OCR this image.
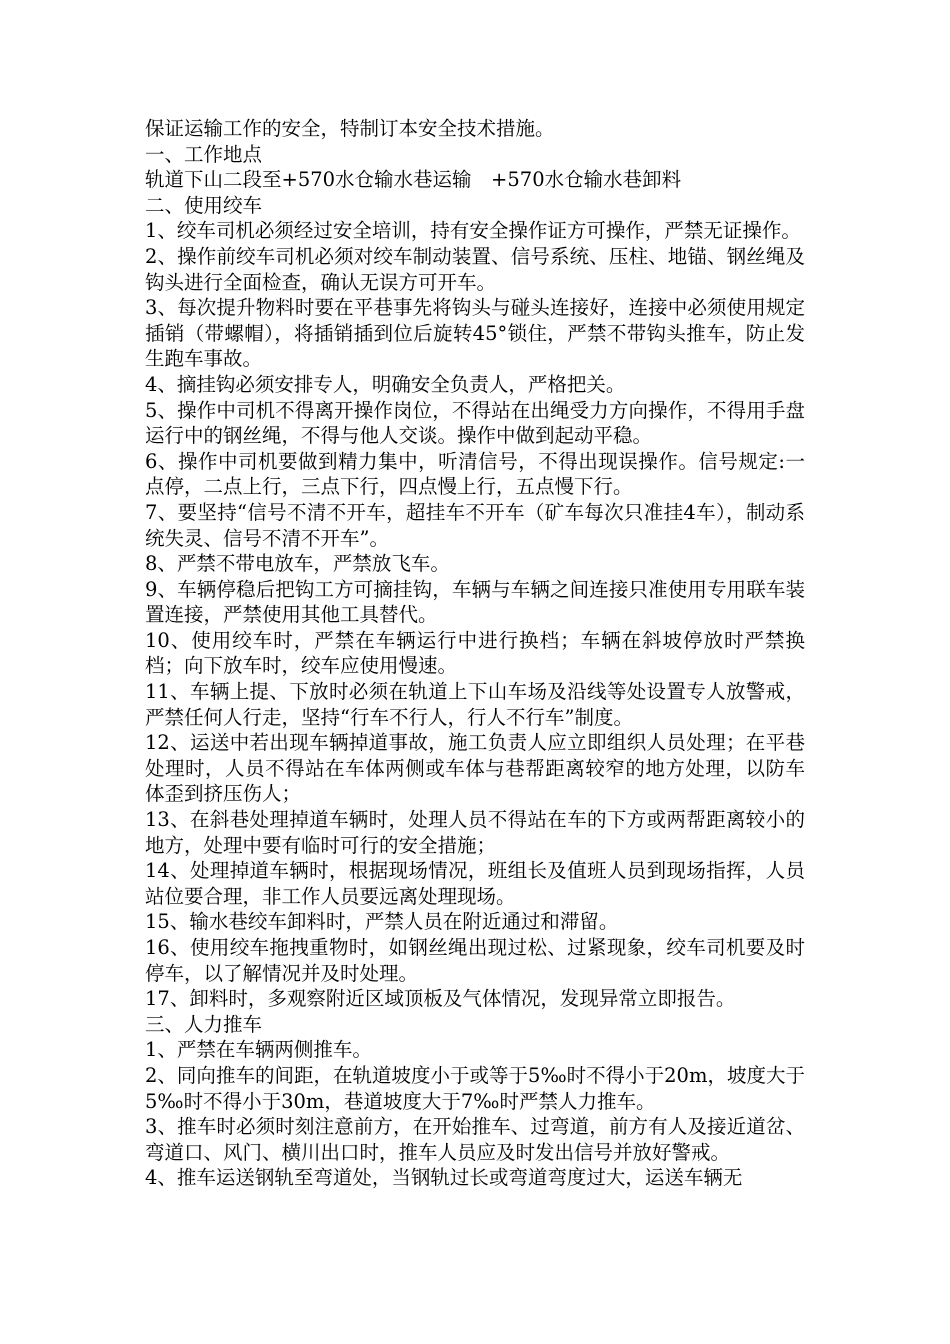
保证运输工作的安全，特制订本安全技术措施。

一、工作地点

轨道下山二段至+570水仓输水巷运输　+570水仓输水巷卸料

二、使用绞车

1、绞车司机必须经过安全培训，持有安全操作证方可操作，严禁无证操作。

2、操作前绞车司机必须对绞车制动装置、信号系统、压柱、地锚、钢丝绳及钩头进行全面检查，确认无误方可开车。

3、每次提升物料时要在平巷事先将钩头与碰头连接好，连接中必须使用规定插销（带螺帽），将插销插到位后旋转45°锁住，严禁不带钩头推车，防止发生跑车事故。

4、摘挂钩必须安排专人，明确安全负责人，严格把关。

5、操作中司机不得离开操作岗位，不得站在出绳受力方向操作，不得用手盘运行中的钢丝绳，不得与他人交谈。操作中做到起动平稳。

6、操作中司机要做到精力集中，听清信号，不得出现误操作。信号规定:一点停，二点上行，三点下行，四点慢上行，五点慢下行。

7、要坚持“信号不清不开车，超挂车不开车（矿车每次只准挂4车），制动系统失灵、信号不清不开车”。

8、严禁不带电放车，严禁放飞车。

9、车辆停稳后把钩工方可摘挂钩，车辆与车辆之间连接只准使用专用联车装置连接，严禁使用其他工具替代。

10、使用绞车时，严禁在车辆运行中进行换档；车辆在斜坡停放时严禁换档；向下放车时，绞车应使用慢速。

11、车辆上提、下放时必须在轨道上下山车场及沿线等处设置专人放警戒，严禁任何人行走，坚持“行车不行人，行人不行车”制度。

12、运送中若出现车辆掉道事故，施工负责人应立即组织人员处理；在平巷处理时，人员不得站在车体两侧或车体与巷帮距离较窄的地方处理，以防车体歪到挤压伤人；

13、在斜巷处理掉道车辆时，处理人员不得站在车的下方或两帮距离较小的地方，处理中要有临时可行的安全措施；

14、处理掉道车辆时，根据现场情况，班组长及值班人员到现场指挥，人员站位要合理，非工作人员要远离处理现场。

15、输水巷绞车卸料时，严禁人员在附近通过和滞留。

16、使用绞车拖拽重物时，如钢丝绳出现过松、过紧现象，绞车司机要及时停车，以了解情况并及时处理。

17、卸料时，多观察附近区域顶板及气体情况，发现异常立即报告。

三、人力推车

1、严禁在车辆两侧推车。

2、同向推车的间距，在轨道坡度小于或等于5‰时不得小于20m，坡度大于5‰时不得小于30m，巷道坡度大于7‰时严禁人力推车。

3、推车时必须时刻注意前方，在开始推车、过弯道，前方有人及接近道岔、弯道口、风门、横川出口时，推车人员应及时发出信号并放好警戒。

4、推车运送钢轨至弯道处，当钢轨过长或弯道弯度过大，运送车辆无
